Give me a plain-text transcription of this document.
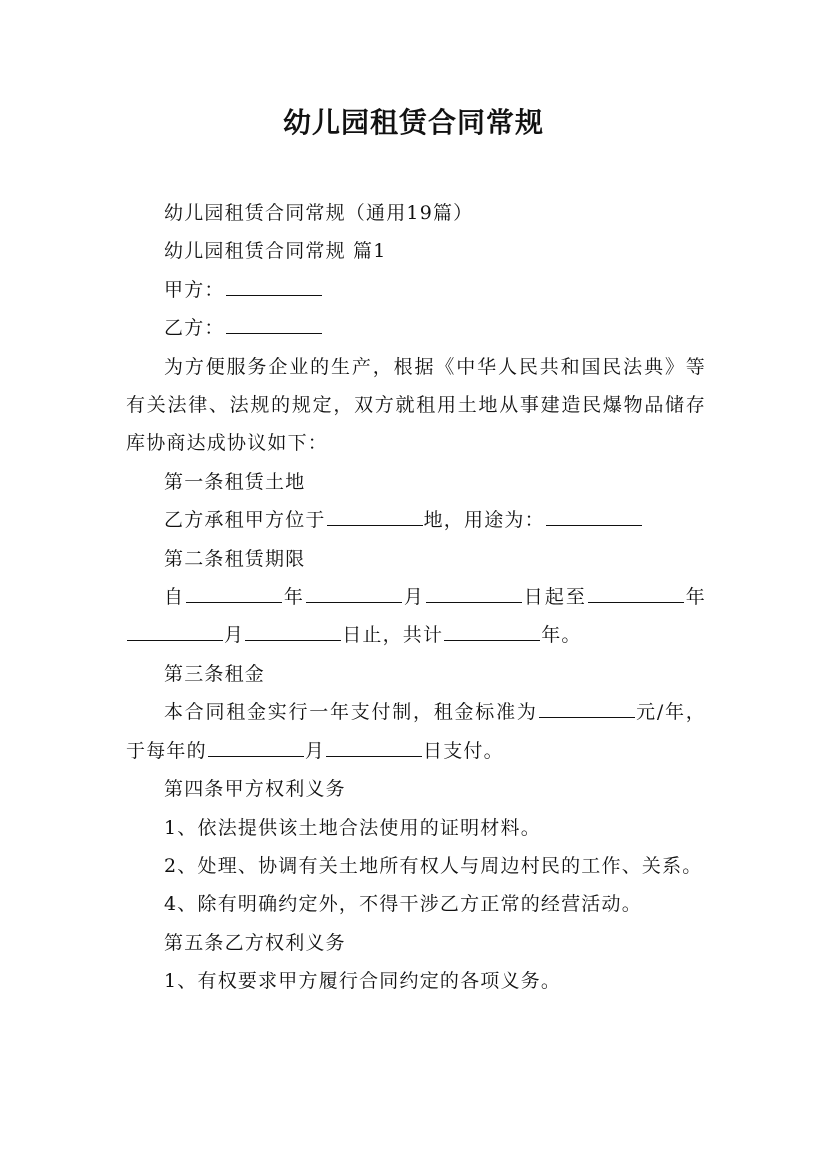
幼儿园租赁合同常规

幼儿园租赁合同常规（通用19篇）

幼儿园租赁合同常规 篇1

甲方：

乙方：

为方便服务企业的生产，根据《中华人民共和国民法典》等有关法律、法规的规定，双方就租用土地从事建造民爆物品储存库协商达成协议如下：

第一条租赁土地

乙方承租甲方位于	地，用途为：

第二条租赁期限

自	年	月	日起至	年月	日止，共计	年。

第三条租金

本合同租金实行一年支付制，租金标准为	元/年，于每年的	月	日支付。

第四条甲方权利义务

1、依法提供该土地合法使用的证明材料。

2、处理、协调有关土地所有权人与周边村民的工作、关系。

4、除有明确约定外，不得干涉乙方正常的经营活动。

第五条乙方权利义务

1、有权要求甲方履行合同约定的各项义务。
